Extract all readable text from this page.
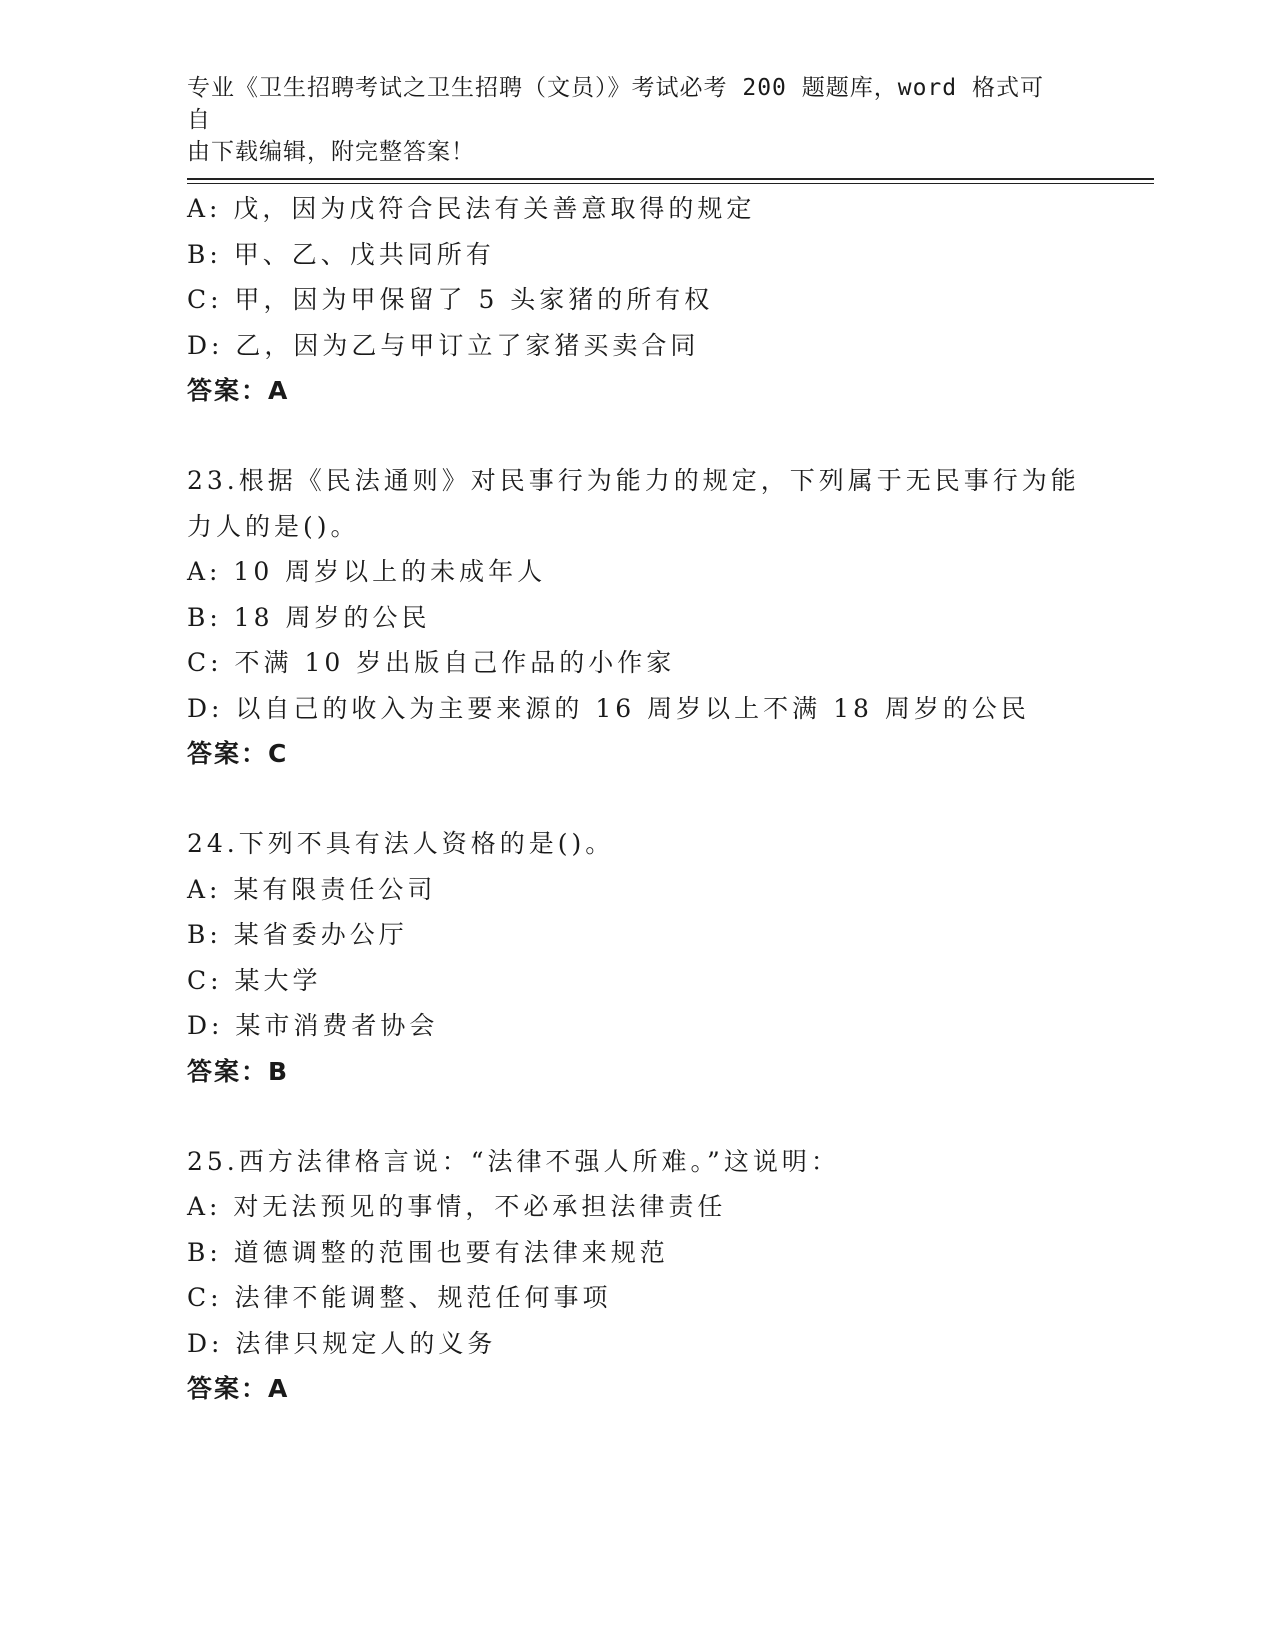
专业《卫生招聘考试之卫生招聘（文员）》考试必考 200 题题库，word 格式可自
由下载编辑，附完整答案！
A: 戊，因为戊符合民法有关善意取得的规定
B: 甲、乙、戊共同所有
C: 甲，因为甲保留了 5 头家猪的所有权
D: 乙，因为乙与甲订立了家猪买卖合同
答案：A
23.根据《民法通则》对民事行为能力的规定，下列属于无民事行为能
力人的是()。
A: 10 周岁以上的未成年人
B: 18 周岁的公民
C: 不满 10 岁出版自己作品的小作家
D: 以自己的收入为主要来源的 16 周岁以上不满 18 周岁的公民
答案：C
24.下列不具有法人资格的是()。
A: 某有限责任公司
B: 某省委办公厅
C: 某大学
D: 某市消费者协会
答案：B
25.西方法律格言说：“法律不强人所难。”这说明：
A: 对无法预见的事情，不必承担法律责任
B: 道德调整的范围也要有法律来规范
C: 法律不能调整、规范任何事项
D: 法律只规定人的义务
答案：A
